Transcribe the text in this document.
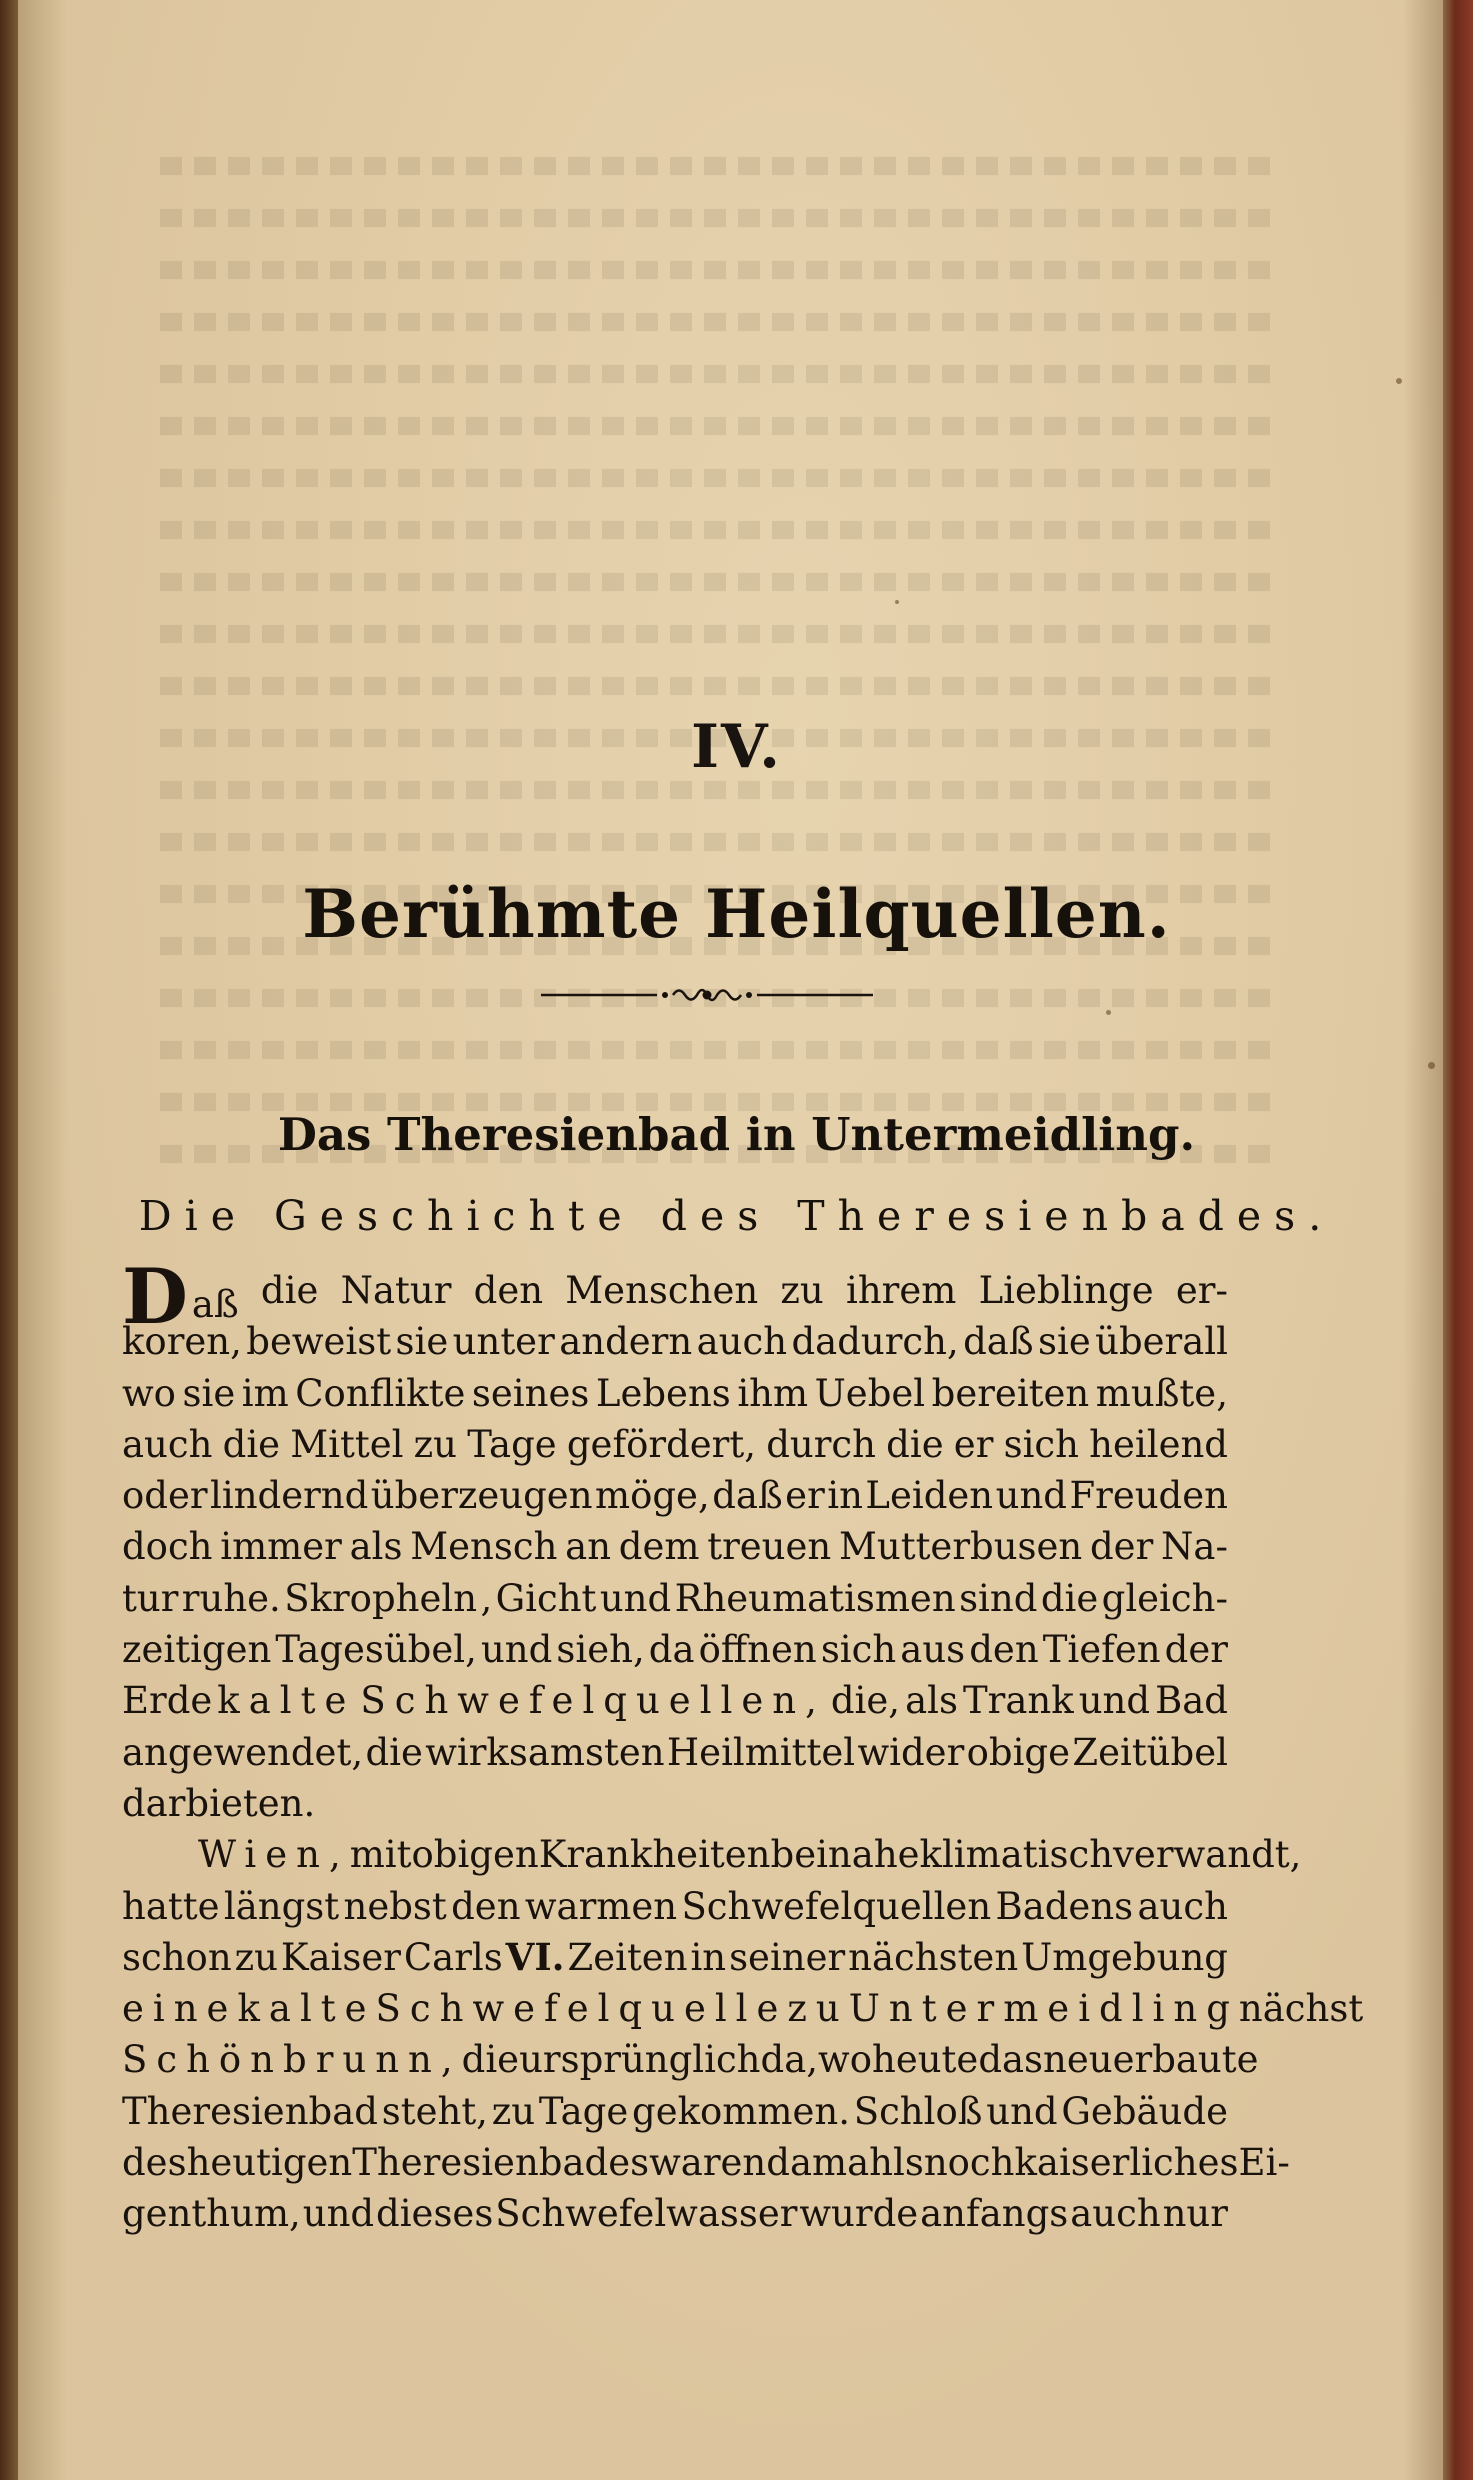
IV.
Berühmte Heilquellen.
Das Theresienbad in Untermeidling.
Die Geschichte des Theresienbades.
Daß die Natur den Menschen zu ihrem Lieblinge er-
koren, beweist sie unter andern auch dadurch, daß sie überall
wo sie im Conflikte seines Lebens ihm Uebel bereiten mußte,
auch die Mittel zu Tage gefördert, durch die er sich heilend
oder lindernd überzeugen möge, daß er in Leiden und Freuden
doch immer als Mensch an dem treuen Mutterbusen der Na-
tur ruhe. Skropheln , Gicht und Rheumatismen sind die gleich-
zeitigen Tagesübel, und sieh, da öffnen sich aus den Tiefen der
Erde kalte Schwefelquellen, die, als Trank und Bad
angewendet, die wirksamsten Heilmittel wider obige Zeitübel
darbieten.
Wien, mit obigen Krankheiten beinahe klimatisch verwandt,
hatte längst nebst den warmen Schwefelquellen Badens auch
schon zu Kaiser Carls VI. Zeiten in seiner nächsten Umgebung
eine kalte Schwefelquelle zu Untermeidling nächst
Schönbrunn, die ursprünglich da, wo heute das neu erbaute
Theresienbad steht, zu Tage gekommen. Schloß und Gebäude
des heutigen Theresienbades waren damahls noch kaiserliches Ei-
genthum, und dieses Schwefelwasser wurde anfangs auch nur
